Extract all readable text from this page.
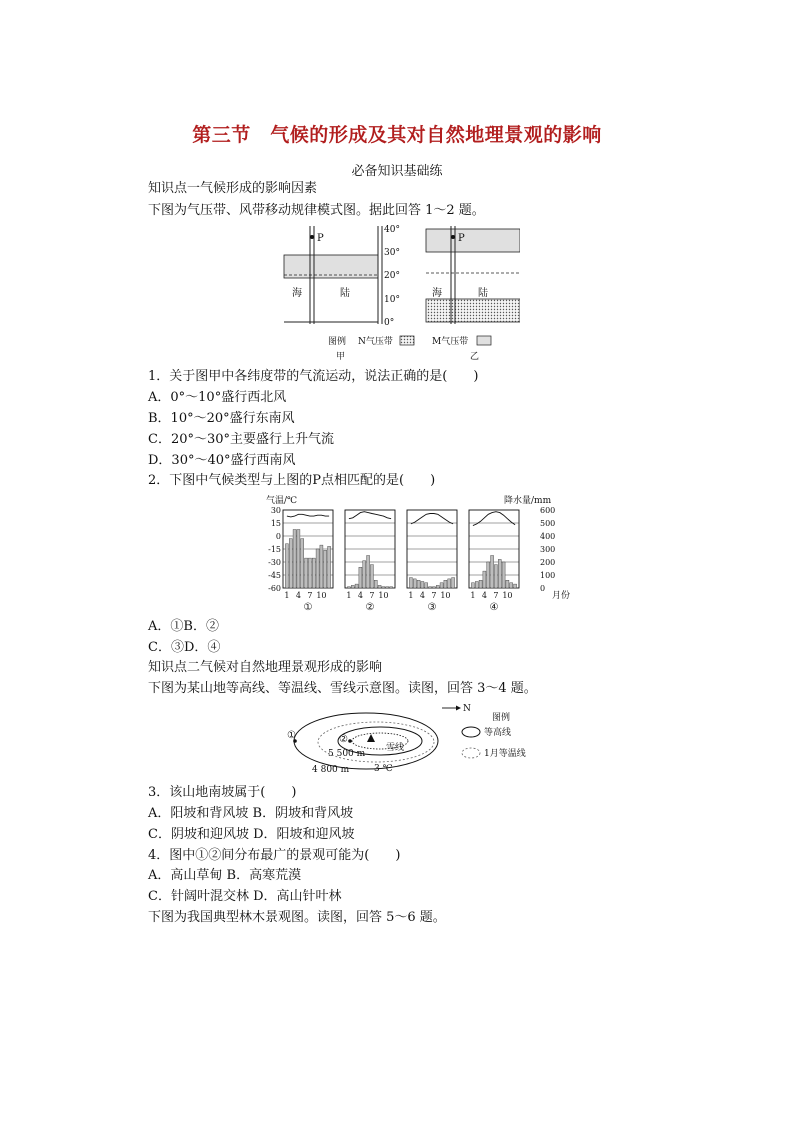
第三节　气候的形成及其对自然地理景观的影响
必备知识基础练
知识点一气候形成的影响因素
下图为气压带、风带移动规律模式图。据此回答 1～2 题。
P
海	陆
40°
30°
20°
10°
0°
P
海	陆
图例 N气压带	M气压带
甲	乙
1．关于图甲中各纬度带的气流运动，说法正确的是(　　)
A．0°～10°盛行西北风
B．10°～20°盛行东南风
C．20°～30°主要盛行上升气流
D．30°～40°盛行西南风
2．下图中气候类型与上图的P点相匹配的是(　　)
气温/℃	降水量/mm
30
15
0
-15
-30
-45
-60
600
500
400
300
200
100
0
1 4 7 10
①
1 4 7 10
②
1 4 7 10
③
1 4 7 10
④
月份
A．①B．②
C．③D．④
知识点二气候对自然地理景观形成的影响
下图为某山地等高线、等温线、雪线示意图。读图，回答 3～4 题。
N
①	②
雪线
5 500 m
4 800 m	3 ℃
图例
等高线
1月等温线
3．该山地南坡属于(　　)
A．阳坡和背风坡 B．阴坡和背风坡
C．阴坡和迎风坡 D．阳坡和迎风坡
4．图中①②间分布最广的景观可能为(　　)
A．高山草甸 B．高寒荒漠
C．针阔叶混交林 D．高山针叶林
下图为我国典型林木景观图。读图，回答 5～6 题。
